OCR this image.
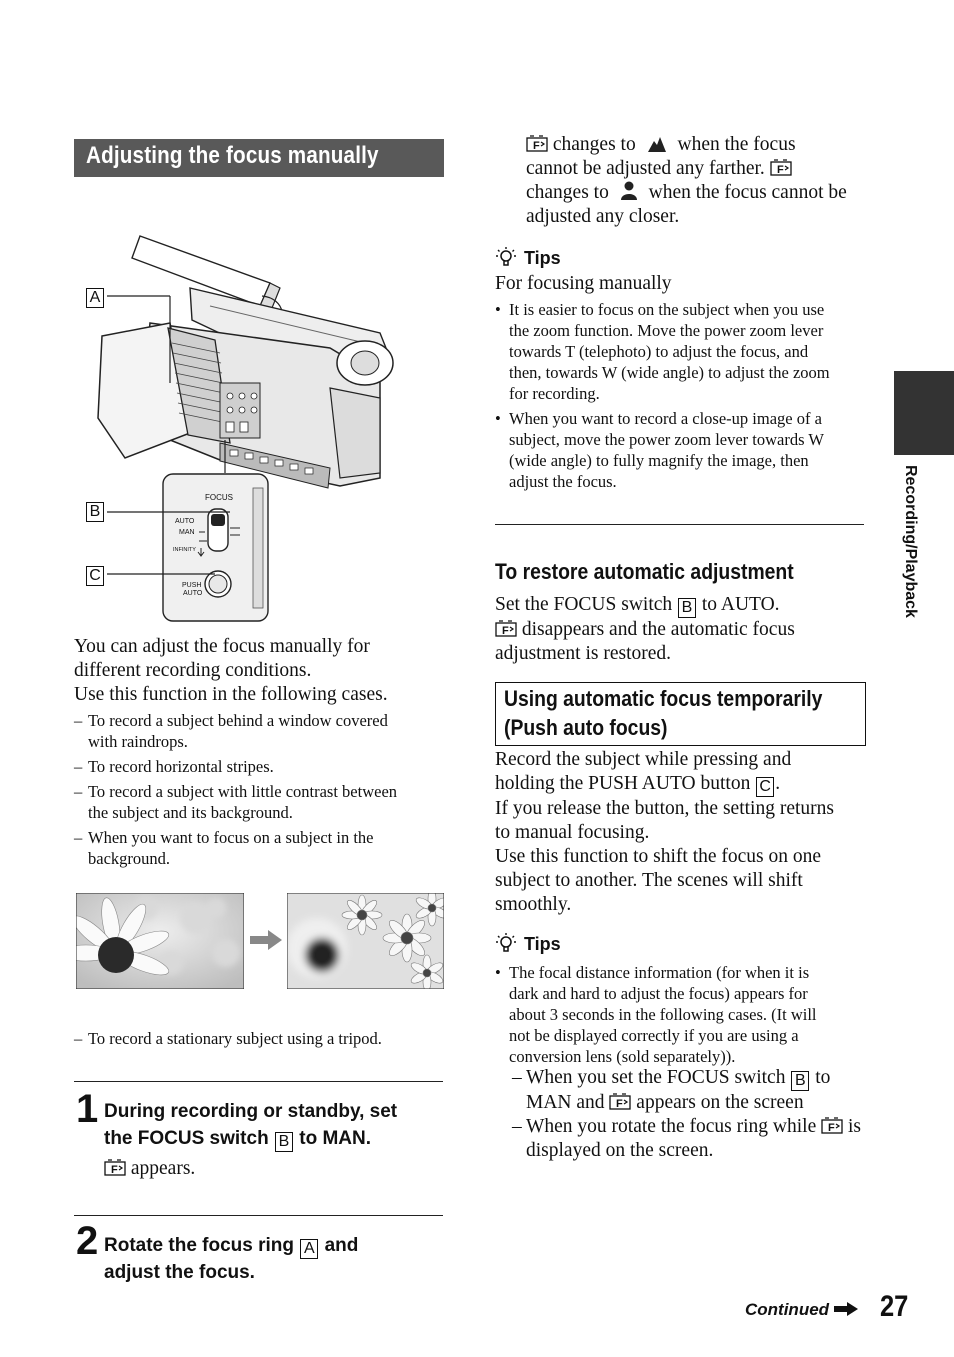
Adjusting the focus manually
FOCUS
AUTO
MAN
INFINITY
PUSH
AUTO
A
B
C
You can adjust the focus manually for
different recording conditions.
Use this function in the following cases.
– To record a subject behind a window covered
with raindrops.
– To record horizontal stripes.
– To record a subject with little contrast between
the subject and its background.
– When you want to focus on a subject in the
background.
– To record a stationary subject using a tripod.
1 During recording or standby, set
the FOCUS switch B to MAN.
appears.
2 Rotate the focus ring A and
adjust the focus.
changes to when the focus
cannot be adjusted any farther.
changes to when the focus cannot be
adjusted any closer.
Tips
For focusing manually
• It is easier to focus on the subject when you use
the zoom function. Move the power zoom lever
towards T (telephoto) to adjust the focus, and
then, towards W (wide angle) to adjust the zoom
for recording.
• When you want to record a close-up image of a
subject, move the power zoom lever towards W
(wide angle) to fully magnify the image, then
adjust the focus.
To restore automatic adjustment
Set the FOCUS switch B to AUTO.
disappears and the automatic focus
adjustment is restored.
Using automatic focus temporarily
(Push auto focus)
Record the subject while pressing and
holding the PUSH AUTO button C .
If you release the button, the setting returns
to manual focusing.
Use this function to shift the focus on one
subject to another. The scenes will shift
smoothly.
Tips
• The focal distance information (for when it is
dark and hard to adjust the focus) appears for
about 3 seconds in the following cases. (It will
not be displayed correctly if you are using a
conversion lens (sold separately)).
– When you set the FOCUS switch B to
MAN and appears on the screen
– When you rotate the focus ring while is
displayed on the screen.
Recording/Playback
Continued	27
